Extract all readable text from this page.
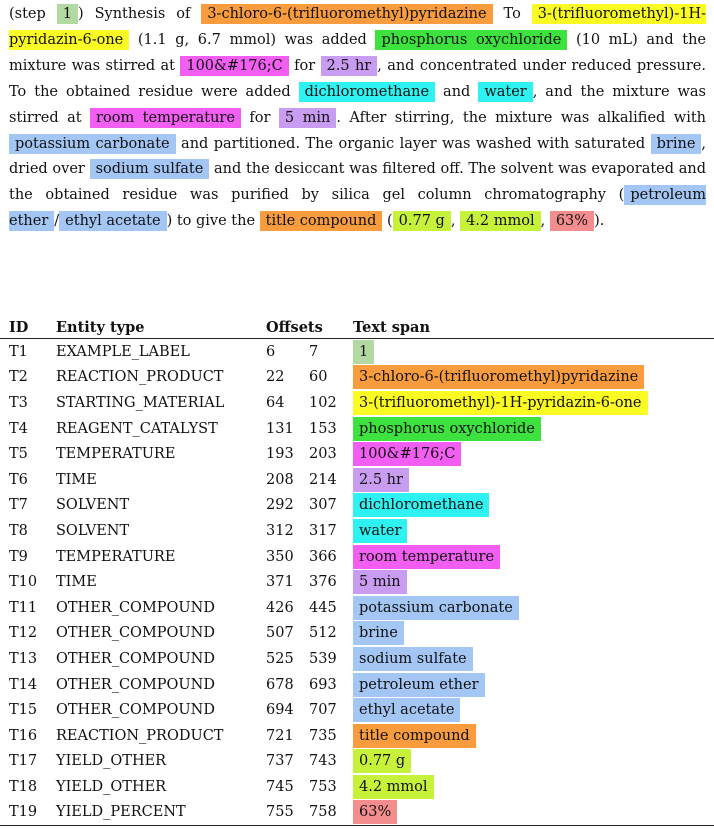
(step 1 ) Synthesis of 3-chloro-6-(trifluoromethyl)pyridazine To 3-(trifluoromethyl)-1H-pyridazin-6-one (1.1 g, 6.7 mmol) was added phosphorus oxychloride (10 mL) and the mixture was stirred at 100&#176;C for 2.5 hr , and concentrated under reduced pressure. To the obtained residue were added dichloromethane and water , and the mixture was stirred at room temperature for 5 min . After stirring, the mixture was alkalified with potassium carbonate and partitioned. The organic layer was washed with saturated brine , dried over sodium sulfate and the desiccant was filtered off. The solvent was evaporated and the obtained residue was purified by silica gel column chromatography ( petroleum ether / ethyl acetate ) to give the title compound ( 0.77 g , 4.2 mmol , 63% ).
ID	Entity type	Offsets		Text span
T1	EXAMPLE_LABEL	6	7	1
T2	REACTION_PRODUCT	22	60	3-chloro-6-(trifluoromethyl)pyridazine
T3	STARTING_MATERIAL	64	102	3-(trifluoromethyl)-1H-pyridazin-6-one
T4	REAGENT_CATALYST	131	153	phosphorus oxychloride
T5	TEMPERATURE	193	203	100&#176;C
T6	TIME	208	214	2.5 hr
T7	SOLVENT	292	307	dichloromethane
T8	SOLVENT	312	317	water
T9	TEMPERATURE	350	366	room temperature
T10	TIME	371	376	5 min
T11	OTHER_COMPOUND	426	445	potassium carbonate
T12	OTHER_COMPOUND	507	512	brine
T13	OTHER_COMPOUND	525	539	sodium sulfate
T14	OTHER_COMPOUND	678	693	petroleum ether
T15	OTHER_COMPOUND	694	707	ethyl acetate
T16	REACTION_PRODUCT	721	735	title compound
T17	YIELD_OTHER	737	743	0.77 g
T18	YIELD_OTHER	745	753	4.2 mmol
T19	YIELD_PERCENT	755	758	63%
